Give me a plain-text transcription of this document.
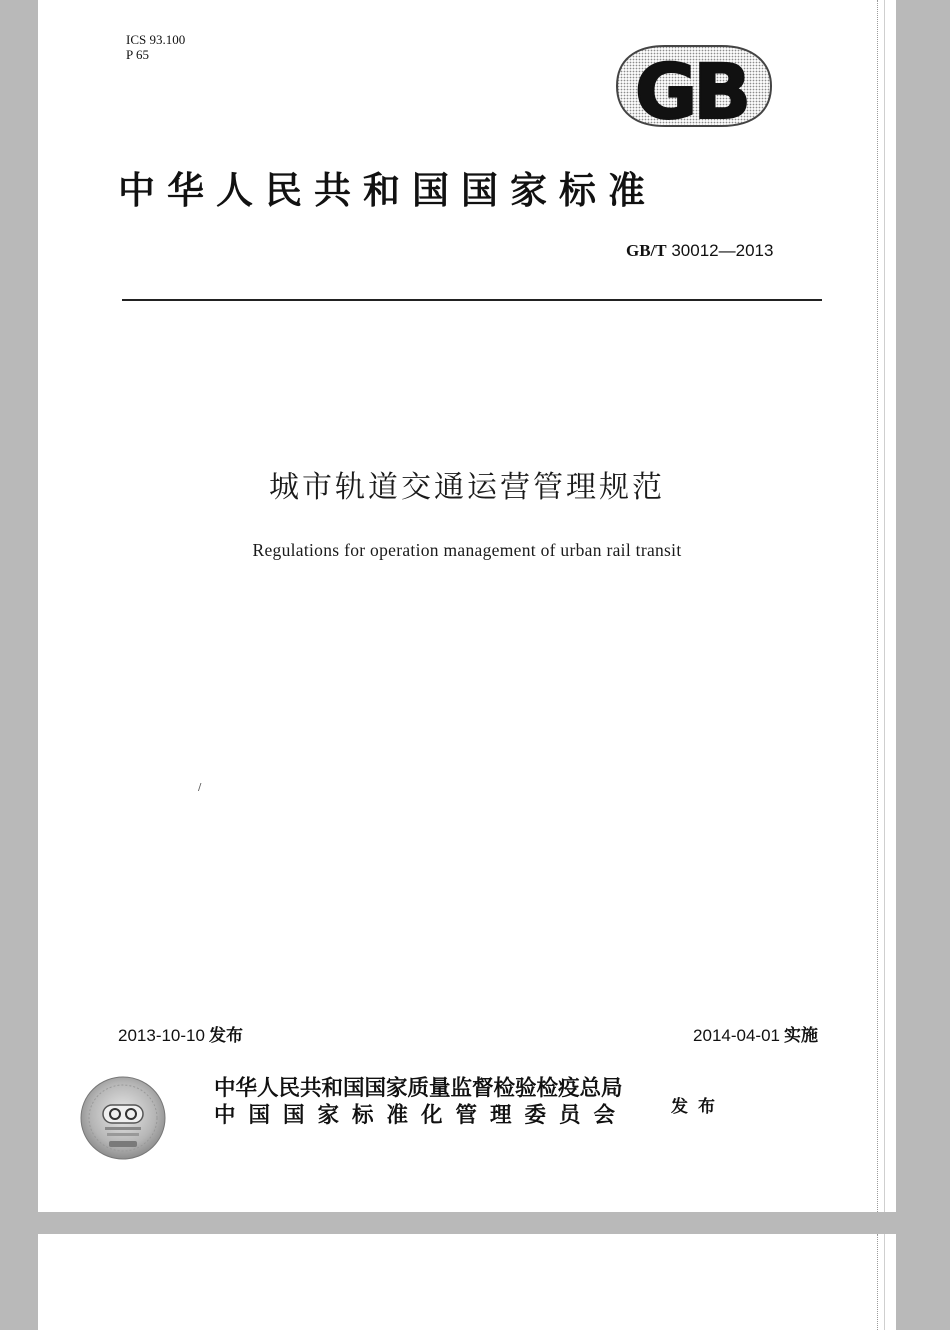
ICS 93.100
P 65	GB
中华人民共和国国家标准
GB/T 30012—2013
城市轨道交通运营管理规范
Regulations for operation management of urban rail transit
/
2013-10-10 发布	2014-04-01 实施
中华人民共和国国家质量监督检验检疫总局
中国国家标准化管理委员会	发布
